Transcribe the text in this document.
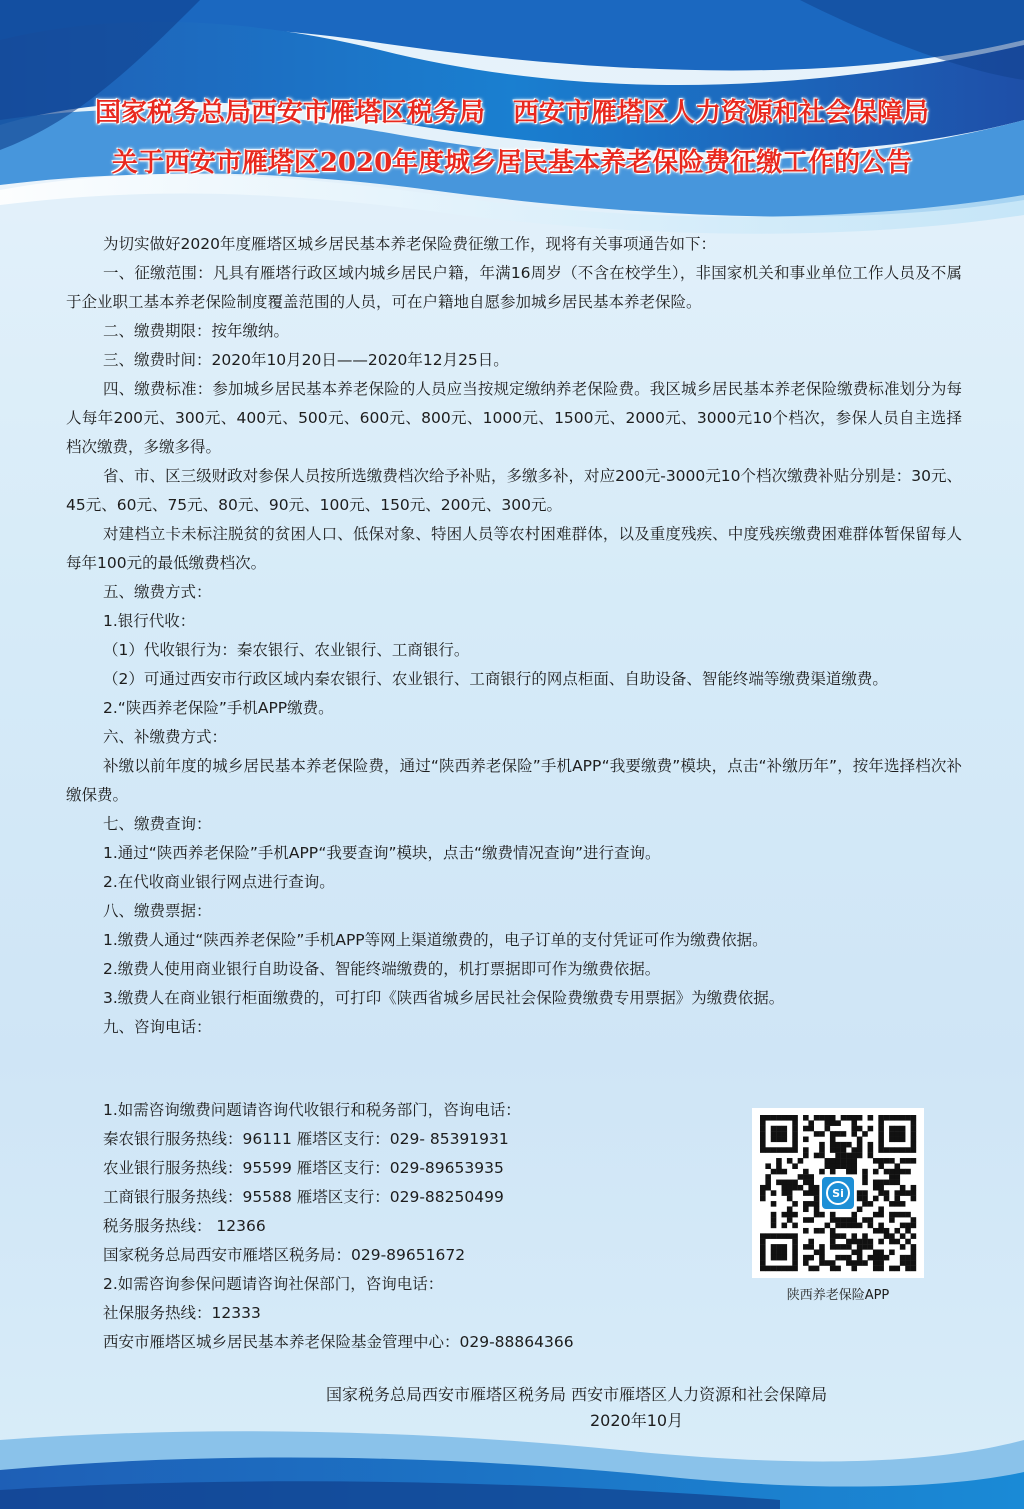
国家税务总局西安市雁塔区税务局 西安市雁塔区人力资源和社会保障局
关于西安市雁塔区2020年度城乡居民基本养老保险费征缴工作的公告

为切实做好2020年度雁塔区城乡居民基本养老保险费征缴工作，现将有关事项通告如下：

一、征缴范围：凡具有雁塔行政区域内城乡居民户籍，年满16周岁（不含在校学生），非国家机关和事业单位工作人员及不属于企业职工基本养老保险制度覆盖范围的人员，可在户籍地自愿参加城乡居民基本养老保险。

二、缴费期限：按年缴纳。

三、缴费时间：2020年10月20日——2020年12月25日。

四、缴费标准：参加城乡居民基本养老保险的人员应当按规定缴纳养老保险费。我区城乡居民基本养老保险缴费标准划分为每人每年200元、300元、400元、500元、600元、800元、1000元、1500元、2000元、3000元10个档次，参保人员自主选择档次缴费，多缴多得。

省、市、区三级财政对参保人员按所选缴费档次给予补贴，多缴多补，对应200元-3000元10个档次缴费补贴分别是：30元、45元、60元、75元、80元、90元、100元、150元、200元、300元。

对建档立卡未标注脱贫的贫困人口、低保对象、特困人员等农村困难群体，以及重度残疾、中度残疾缴费困难群体暂保留每人每年100元的最低缴费档次。

五、缴费方式：

1.银行代收：

（1）代收银行为：秦农银行、农业银行、工商银行。

（2）可通过西安市行政区域内秦农银行、农业银行、工商银行的网点柜面、自助设备、智能终端等缴费渠道缴费。

2.“陕西养老保险”手机APP缴费。

六、补缴费方式：

补缴以前年度的城乡居民基本养老保险费，通过“陕西养老保险”手机APP“我要缴费”模块，点击“补缴历年”，按年选择档次补缴保费。

七、缴费查询：

1.通过“陕西养老保险”手机APP“我要查询”模块，点击“缴费情况查询”进行查询。

2.在代收商业银行网点进行查询。

八、缴费票据：

1.缴费人通过“陕西养老保险”手机APP等网上渠道缴费的，电子订单的支付凭证可作为缴费依据。

2.缴费人使用商业银行自助设备、智能终端缴费的，机打票据即可作为缴费依据。

3.缴费人在商业银行柜面缴费的，可打印《陕西省城乡居民社会保险费缴费专用票据》为缴费依据。

九、咨询电话：

1.如需咨询缴费问题请咨询代收银行和税务部门，咨询电话：
秦农银行服务热线：96111 雁塔区支行：029- 85391931
农业银行服务热线：95599 雁塔区支行：029-89653935
工商银行服务热线：95588 雁塔区支行：029-88250499
税务服务热线： 12366
国家税务总局西安市雁塔区税务局：029-89651672
2.如需咨询参保问题请咨询社保部门，咨询电话：
社保服务热线：12333
西安市雁塔区城乡居民基本养老保险基金管理中心：029-88864366
Si
陕西养老保险APP
国家税务总局西安市雁塔区税务局 西安市雁塔区人力资源和社会保障局
2020年10月
